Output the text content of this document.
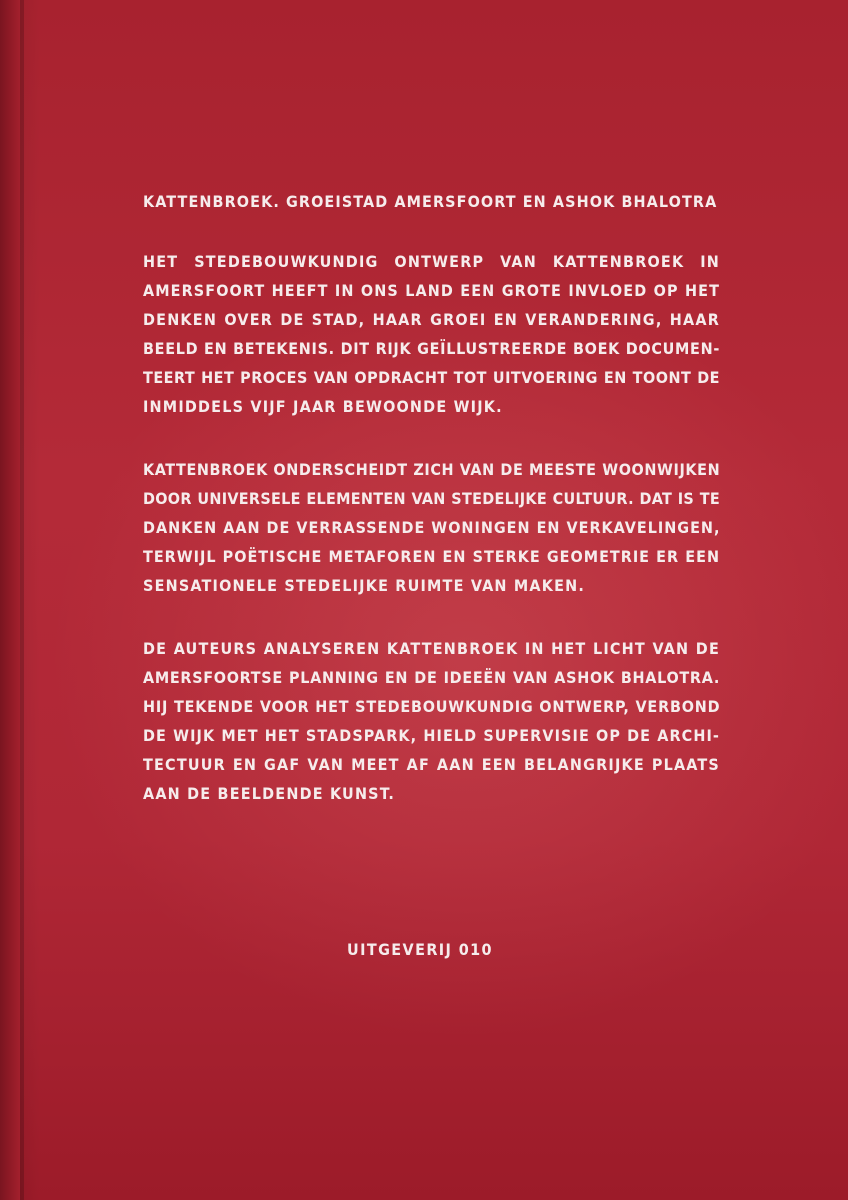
KATTENBROEK. GROEISTAD AMERSFOORT EN ASHOK BHALOTRA
HET STEDEBOUWKUNDIG ONTWERP VAN KATTENBROEK IN
AMERSFOORT HEEFT IN ONS LAND EEN GROTE INVLOED OP HET
DENKEN OVER DE STAD, HAAR GROEI EN VERANDERING, HAAR
BEELD EN BETEKENIS. DIT RIJK GEÏLLUSTREERDE BOEK DOCUMEN-
TEERT HET PROCES VAN OPDRACHT TOT UITVOERING EN TOONT DE
INMIDDELS VIJF JAAR BEWOONDE WIJK.
KATTENBROEK ONDERSCHEIDT ZICH VAN DE MEESTE WOONWIJKEN
DOOR UNIVERSELE ELEMENTEN VAN STEDELIJKE CULTUUR. DAT IS TE
DANKEN AAN DE VERRASSENDE WONINGEN EN VERKAVELINGEN,
TERWIJL POËTISCHE METAFOREN EN STERKE GEOMETRIE ER EEN
SENSATIONELE STEDELIJKE RUIMTE VAN MAKEN.
DE AUTEURS ANALYSEREN KATTENBROEK IN HET LICHT VAN DE
AMERSFOORTSE PLANNING EN DE IDEEËN VAN ASHOK BHALOTRA.
HIJ TEKENDE VOOR HET STEDEBOUWKUNDIG ONTWERP, VERBOND
DE WIJK MET HET STADSPARK, HIELD SUPERVISIE OP DE ARCHI-
TECTUUR EN GAF VAN MEET AF AAN EEN BELANGRIJKE PLAATS
AAN DE BEELDENDE KUNST.
UITGEVERIJ 010
